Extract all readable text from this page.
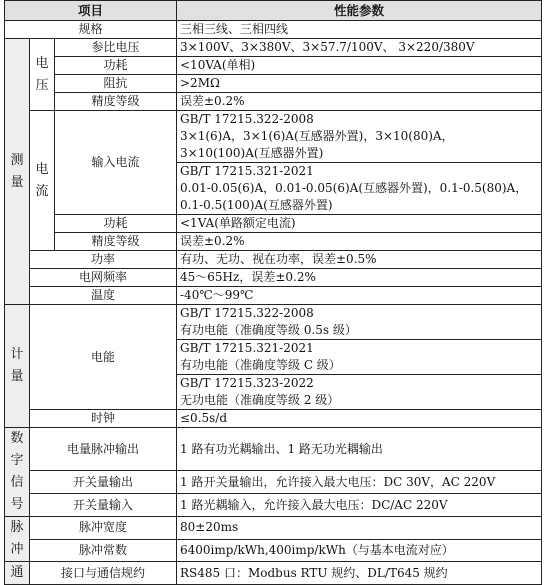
项目			性能参数
规格			三相三线、三相四线
测量	电压	参比电压	3×100V、3×380V、3×57.7/100V、 3×220/380V
		功耗	<10VA(单相)
		阻抗	>2MΩ
		精度等级	误差±0.2%
	电流	输入电流	GB/T 17215.322-2008
3×1(6)A，3×1(6)A(互感器外置)，3×10(80)A，3×10(100)A(互感器外置)

			GB/T 17215.321-2021
0.01-0.05(6)A，0.01-0.05(6)A(互感器外置)，0.1-0.5(80)A，0.1-0.5(100)A(互感器外置)

		功耗	<1VA(单路额定电流)
		精度等级	误差±0.2%
	功率		有功、无功、视在功率，误差±0.5%
	电网频率		45～65Hz，误差±0.2%
	温度		-40℃～99℃
计量	电能		GB/T 17215.322-2008
有功电能（准确度等级 0.5s 级）
			GB/T 17215.321-2021
有功电能（准确度等级 C 级）
			GB/T 17215.323-2022
无功电能（准确度等级 2 级）
	时钟		≤0.5s/d
数字信号	电量脉冲输出		1 路有功光耦输出、1 路无功光耦输出
	开关量输出		1 路开关量输出，允许接入最大电压：DC 30V，AC 220V
	开关量输入		1 路光耦输入，允许接入最大电压：DC/AC 220V
脉冲	脉冲宽度		80±20ms
	脉冲常数		6400imp/kWh,400imp/kWh（与基本电流对应）
通	接口与通信规约		RS485 口：Modbus RTU 规约、DL/T645 规约
